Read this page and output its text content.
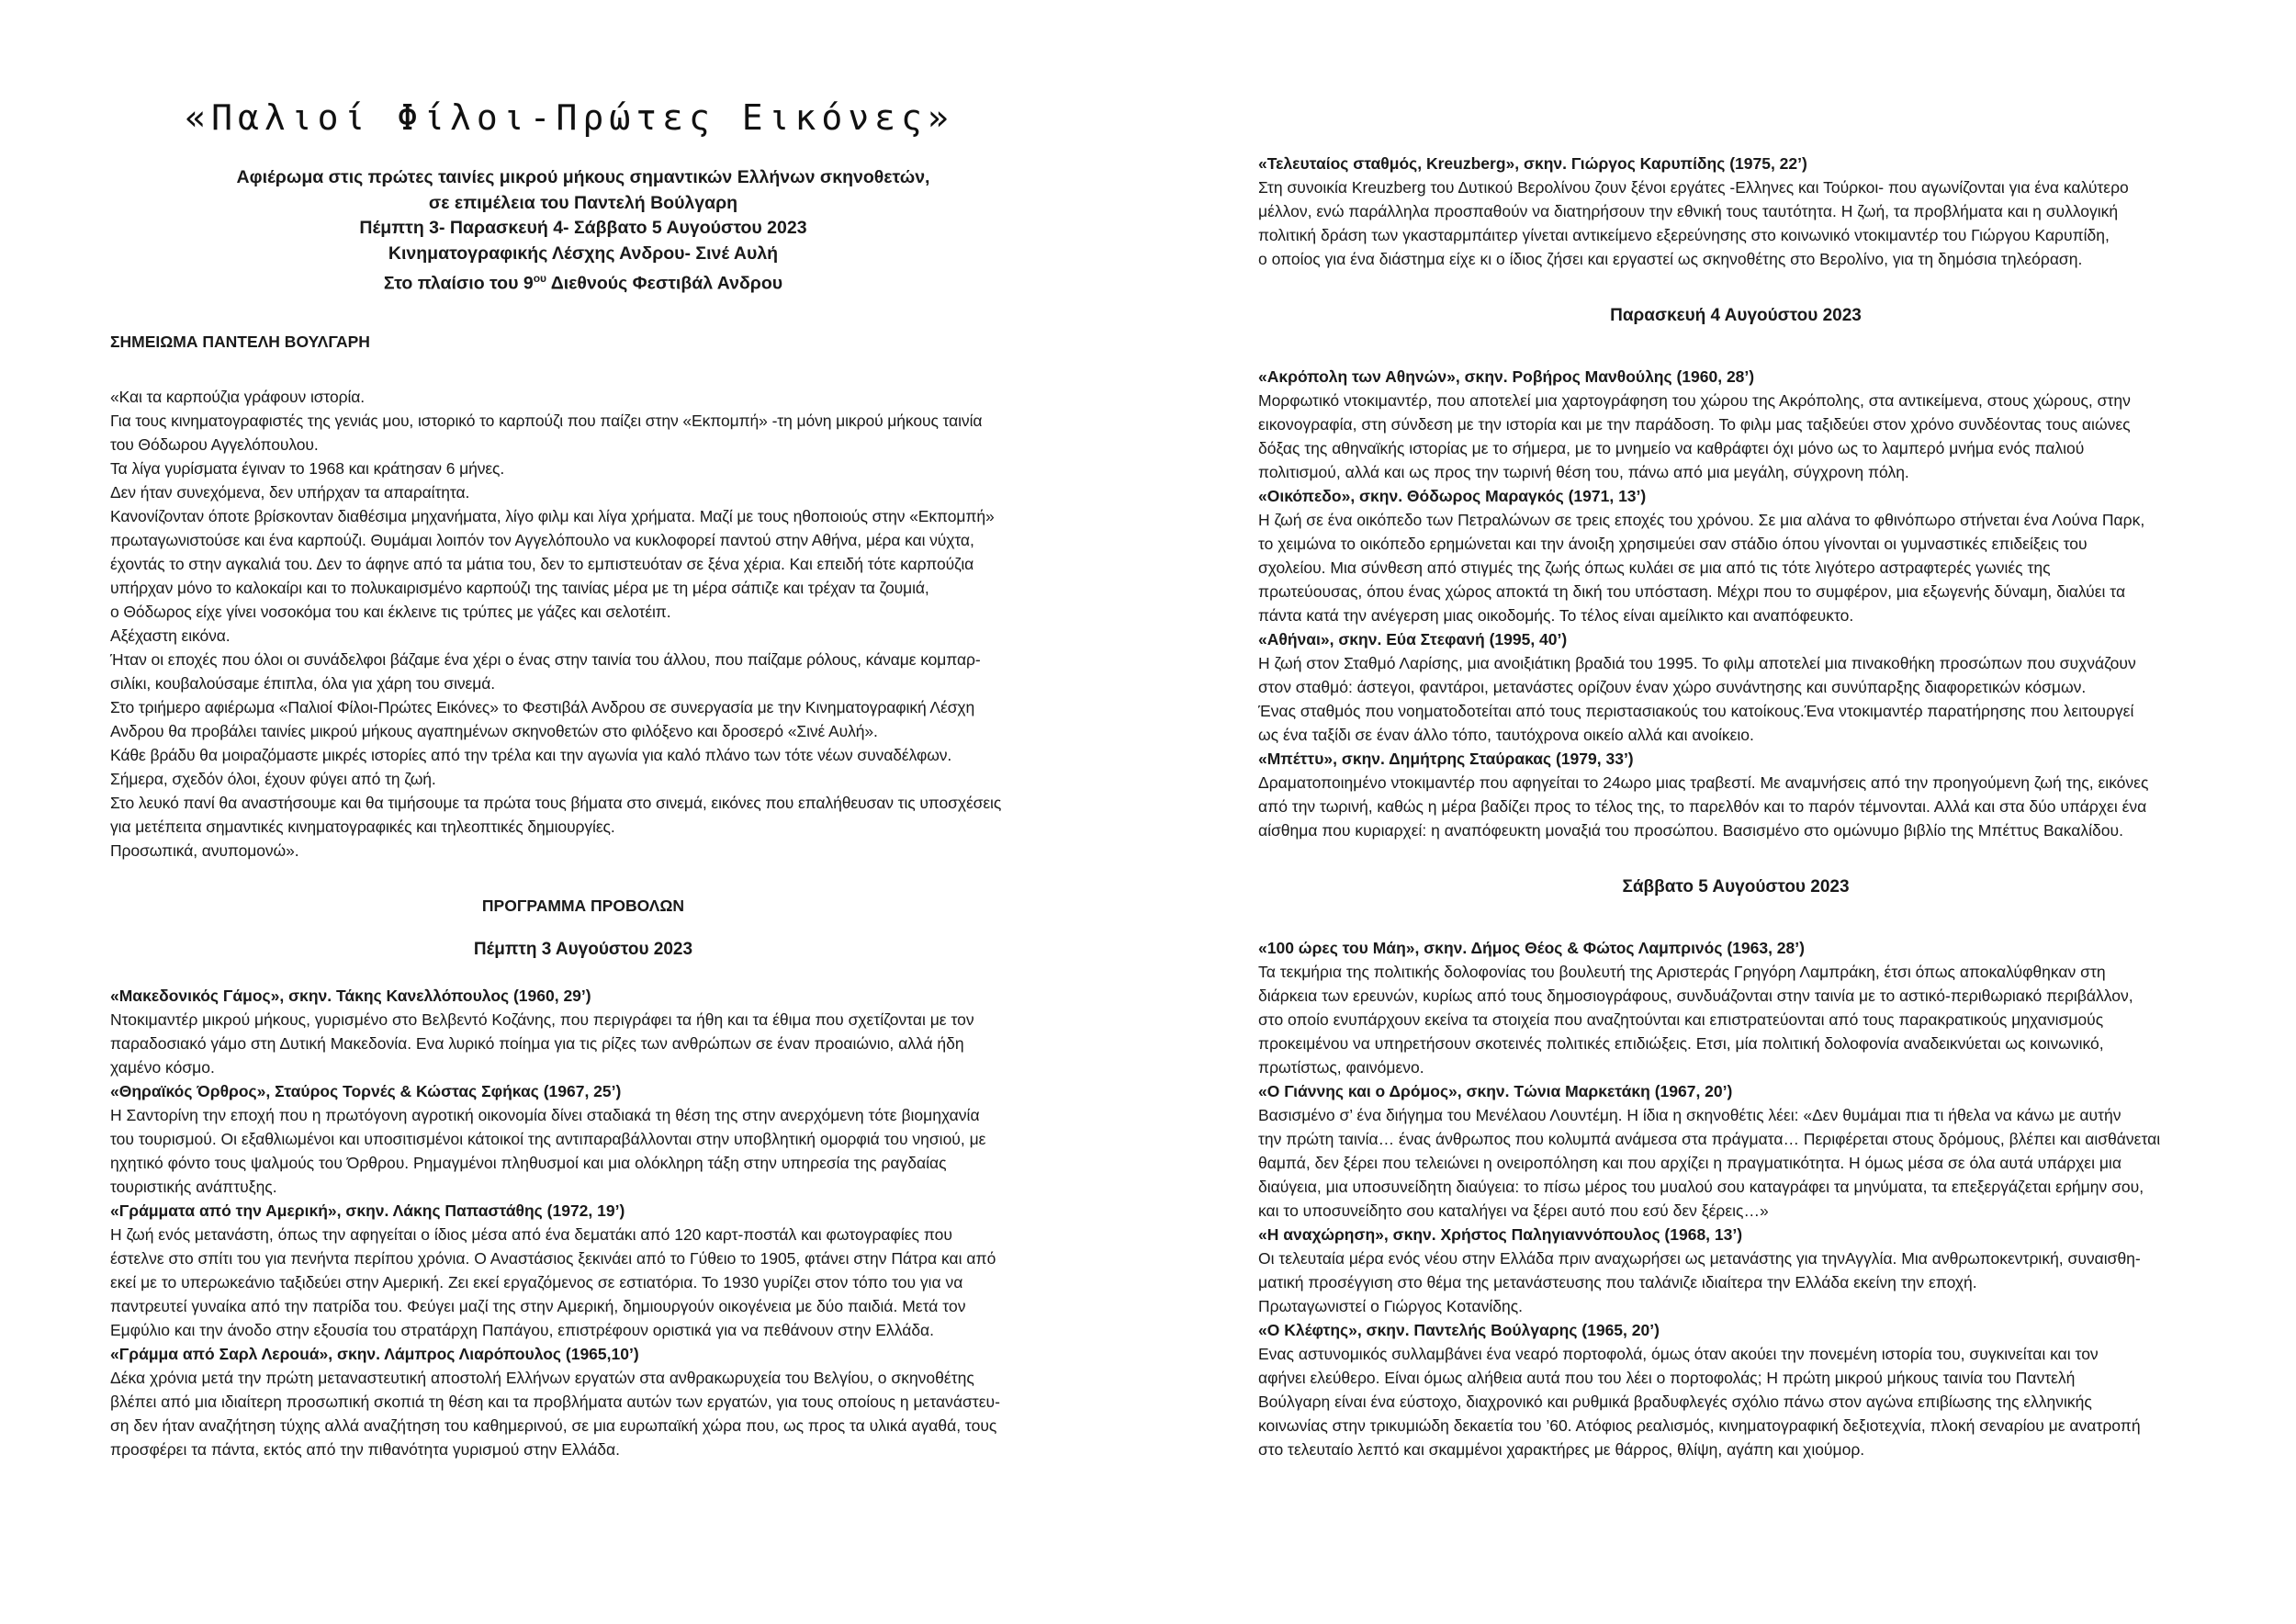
«Παλιοί Φίλοι-Πρώτες Εικόνες»
Αφιέρωμα στις πρώτες ταινίες μικρού μήκους σημαντικών Ελλήνων σκηνοθετών,
σε επιμέλεια του Παντελή Βούλγαρη
Πέμπτη 3- Παρασκευή 4- Σάββατο 5 Αυγούστου 2023
Κινηματογραφικής Λέσχης Ανδρου- Σινέ Αυλή
Στο πλαίσιο του $9^{o\upsilon}$ Διεθνούς Φεστιβάλ Ανδρου
ΣΗΜΕΙΩΜΑ ΠΑΝΤΕΛΗ ΒΟΥΛΓΑΡΗ
«Και τα καρπούζια γράφουν ιστορία.
Για τους κινηματογραφιστές της γενιάς μου, ιστορικό το καρπούζι που παίζει στην «Εκπομπή» -τη μόνη μικρού μήκους ταινία
του Θόδωρου Αγγελόπουλου.
Τα λίγα γυρίσματα έγιναν το 1968 και κράτησαν 6 μήνες.
Δεν ήταν συνεχόμενα, δεν υπήρχαν τα απαραίτητα.
Κανονίζονταν όποτε βρίσκονταν διαθέσιμα μηχανήματα, λίγο φιλμ και λίγα χρήματα. Μαζί με τους ηθοποιούς στην «Εκπομπή»
πρωταγωνιστούσε και ένα καρπούζι. Θυμάμαι λοιπόν τον Αγγελόπουλο να κυκλοφορεί παντού στην Αθήνα, μέρα και νύχτα,
έχοντάς το στην αγκαλιά του. Δεν το άφηνε από τα μάτια του, δεν το εμπιστευόταν σε ξένα χέρια. Και επειδή τότε καρπούζια
υπήρχαν μόνο το καλοκαίρι και το πολυκαιρισμένο καρπούζι της ταινίας μέρα με τη μέρα σάπιζε και τρέχαν τα ζουμιά,
ο Θόδωρος είχε γίνει νοσοκόμα του και έκλεινε τις τρύπες με γάζες και σελοτέιπ.
Αξέχαστη εικόνα.
Ήταν οι εποχές που όλοι οι συνάδελφοι βάζαμε ένα χέρι ο ένας στην ταινία του άλλου, που παίζαμε ρόλους, κάναμε κομπαρ-
σιλίκι, κουβαλούσαμε έπιπλα, όλα για χάρη του σινεμά.
Στο τριήμερο αφιέρωμα «Παλιοί Φίλοι-Πρώτες Εικόνες» το Φεστιβάλ Ανδρου σε συνεργασία με την Κινηματογραφική Λέσχη
Ανδρου θα προβάλει ταινίες μικρού μήκους αγαπημένων σκηνοθετών στο φιλόξενο και δροσερό «Σινέ Αυλή».
Κάθε βράδυ θα μοιραζόμαστε μικρές ιστορίες από την τρέλα και την αγωνία για καλό πλάνο των τότε νέων συναδέλφων.
Σήμερα, σχεδόν όλοι, έχουν φύγει από τη ζωή.
Στο λευκό πανί θα αναστήσουμε και θα τιμήσουμε τα πρώτα τους βήματα στο σινεμά, εικόνες που επαλήθευσαν τις υποσχέσεις
για μετέπειτα σημαντικές κινηματογραφικές και τηλεοπτικές δημιουργίες.
Προσωπικά, ανυπομονώ».
ΠΡΟΓΡΑΜΜΑ ΠΡΟΒΟΛΩΝ
Πέμπτη 3 Αυγούστου 2023
«Μακεδονικός Γάμος», σκην. Τάκης Κανελλόπουλος (1960, 29’)
Ντοκιμαντέρ μικρού μήκους, γυρισμένο στο Βελβεντό Κοζάνης, που περιγράφει τα ήθη και τα έθιμα που σχετίζονται με τον
παραδοσιακό γάμο στη Δυτική Μακεδονία. Ενα λυρικό ποίημα για τις ρίζες των ανθρώπων σε έναν προαιώνιο, αλλά ήδη
χαμένο κόσμο.
«Θηραϊκός Όρθρος», Σταύρος Τορνές & Κώστας Σφήκας (1967, 25’)
Η Σαντορίνη την εποχή που η πρωτόγονη αγροτική οικονομία δίνει σταδιακά τη θέση της στην ανερχόμενη τότε βιομηχανία
του τουρισμού. Οι εξαθλιωμένοι και υποσιτισμένοι κάτοικοί της αντιπαραβάλλονται στην υποβλητική ομορφιά του νησιού, με
ηχητικό φόντο τους ψαλμούς του Όρθρου. Ρημαγμένοι πληθυσμοί και μια ολόκληρη τάξη στην υπηρεσία της ραγδαίας
τουριστικής ανάπτυξης.
«Γράμματα από την Αμερική», σκην. Λάκης Παπαστάθης (1972, 19’)
Η ζωή ενός μετανάστη, όπως την αφηγείται ο ίδιος μέσα από ένα δεματάκι από 120 καρτ-ποστάλ και φωτογραφίες που
έστελνε στο σπίτι του για πενήντα περίπου χρόνια. Ο Αναστάσιος ξεκινάει από το Γύθειο το 1905, φτάνει στην Πάτρα και από
εκεί με το υπερωκεάνιο ταξιδεύει στην Αμερική. Ζει εκεί εργαζόμενος σε εστιατόρια. Το 1930 γυρίζει στον τόπο του για να
παντρευτεί γυναίκα από την πατρίδα του. Φεύγει μαζί της στην Αμερική, δημιουργούν οικογένεια με δύο παιδιά. Μετά τον
Εμφύλιο και την άνοδο στην εξουσία του στρατάρχη Παπάγου, επιστρέφουν οριστικά για να πεθάνουν στην Ελλάδα.
«Γράμμα από Σαρλ Λεροuά», σκην. Λάμπρος Λιαρόπουλος (1965,10’)
Δέκα χρόνια μετά την πρώτη μεταναστευτική αποστολή Ελλήνων εργατών στα ανθρακωρυχεία του Βελγίου, ο σκηνοθέτης
βλέπει από μια ιδιαίτερη προσωπική σκοπιά τη θέση και τα προβλήματα αυτών των εργατών, για τους οποίους η μετανάστευ-
ση δεν ήταν αναζήτηση τύχης αλλά αναζήτηση του καθημερινού, σε μια ευρωπαϊκή χώρα που, ως προς τα υλικά αγαθά, τους
προσφέρει τα πάντα, εκτός από την πιθανότητα γυρισμού στην Ελλάδα.
«Τελευταίος σταθμός, Kreuzberg», σκην. Γιώργος Καρυπίδης (1975, 22’)
Στη συνοικία Kreuzberg του Δυτικού Βερολίνου ζουν ξένοι εργάτες -Ελληνες και Τούρκοι- που αγωνίζονται για ένα καλύτερο
μέλλον, ενώ παράλληλα προσπαθούν να διατηρήσουν την εθνική τους ταυτότητα. Η ζωή, τα προβλήματα και η συλλογική
πολιτική δράση των γκασταρμπάιτερ γίνεται αντικείμενο εξερεύνησης στο κοινωνικό ντοκιμαντέρ του Γιώργου Καρυπίδη,
ο οποίος για ένα διάστημα είχε κι ο ίδιος ζήσει και εργαστεί ως σκηνοθέτης στο Βερολίνο, για τη δημόσια τηλεόραση.
Παρασκευή 4 Αυγούστου 2023
«Ακρόπολη των Αθηνών», σκην. Ροβήρος Μανθούλης (1960, 28’)
Μορφωτικό ντοκιμαντέρ, που αποτελεί μια χαρτογράφηση του χώρου της Ακρόπολης, στα αντικείμενα, στους χώρους, στην
εικονογραφία, στη σύνδεση με την ιστορία και με την παράδοση. Το φιλμ μας ταξιδεύει στον χρόνο συνδέοντας τους αιώνες
δόξας της αθηναϊκής ιστορίας με το σήμερα, με το μνημείο να καθράφτει όχι μόνο ως το λαμπερό μνήμα ενός παλιού
πολιτισμού, αλλά και ως προς την τωρινή θέση του, πάνω από μια μεγάλη, σύγχρονη πόλη.
«Οικόπεδο», σκην. Θόδωρος Μαραγκός (1971, 13’)
Η ζωή σε ένα οικόπεδο των Πετραλώνων σε τρεις εποχές του χρόνου. Σε μια αλάνα το φθινόπωρο στήνεται ένα Λούνα Παρκ,
το χειμώνα το οικόπεδο ερημώνεται και την άνοιξη χρησιμεύει σαν στάδιο όπου γίνονται οι γυμναστικές επιδείξεις του
σχολείου. Μια σύνθεση από στιγμές της ζωής όπως κυλάει σε μια από τις τότε λιγότερο αστραφτερές γωνιές της
πρωτεύουσας, όπου ένας χώρος αποκτά τη δική του υπόσταση. Μέχρι που το συμφέρον, μια εξωγενής δύναμη, διαλύει τα
πάντα κατά την ανέγερση μιας οικοδομής. Το τέλος είναι αμείλικτο και αναπόφευκτο.
«Αθήναι», σκην. Εύα Στεφανή (1995, 40’)
Η ζωή στον Σταθμό Λαρίσης, μια ανοιξιάτικη βραδιά του 1995. Το φιλμ αποτελεί μια πινακοθήκη προσώπων που συχνάζουν
στον σταθμό: άστεγοι, φαντάροι, μετανάστες ορίζουν έναν χώρο συνάντησης και συνύπαρξης διαφορετικών κόσμων.
Ένας σταθμός που νοηματοδοτείται από τους περιστασιακούς του κατοίκους.Ένα ντοκιμαντέρ παρατήρησης που λειτουργεί
ως ένα ταξίδι σε έναν άλλο τόπο, ταυτόχρονα οικείο αλλά και ανοίκειο.
«Μπέττυ», σκην. Δημήτρης Σταύρακας (1979, 33’)
Δραματοποιημένο ντοκιμαντέρ που αφηγείται το 24ωρο μιας τραβεστί. Με αναμνήσεις από την προηγούμενη ζωή της, εικόνες
από την τωρινή, καθώς η μέρα βαδίζει προς το τέλος της, το παρελθόν και το παρόν τέμνονται. Αλλά και στα δύο υπάρχει ένα
αίσθημα που κυριαρχεί: η αναπόφευκτη μοναξιά του προσώπου. Βασισμένο στο ομώνυμο βιβλίο της Μπέττυς Βακαλίδου.
Σάββατο 5 Αυγούστου 2023
«100 ώρες του Μάη», σκην. Δήμος Θέος & Φώτος Λαμπρινός (1963, 28’)
Τα τεκμήρια της πολιτικής δολοφονίας του βουλευτή της Αριστεράς Γρηγόρη Λαμπράκη, έτσι όπως αποκαλύφθηκαν στη
διάρκεια των ερευνών, κυρίως από τους δημοσιογράφους, συνδυάζονται στην ταινία με το αστικό-περιθωριακό περιβάλλον,
στο οποίο ενυπάρχουν εκείνα τα στοιχεία που αναζητούνται και επιστρατεύονται από τους παρακρατικούς μηχανισμούς
προκειμένου να υπηρετήσουν σκοτεινές πολιτικές επιδιώξεις. Ετσι, μία πολιτική δολοφονία αναδεικνύεται ως κοινωνικό,
πρωτίστως, φαινόμενο.
«Ο Γιάννης και ο Δρόμος», σκην. Τώνια Μαρκετάκη (1967, 20’)
Βασισμένο σ’ ένα διήγημα του Μενέλαου Λουντέμη. Η ίδια η σκηνοθέτις λέει: «Δεν θυμάμαι πια τι ήθελα να κάνω με αυτήν
την πρώτη ταινία… ένας άνθρωπος που κολυμπά ανάμεσα στα πράγματα… Περιφέρεται στους δρόμους, βλέπει και αισθάνεται
θαμπά, δεν ξέρει που τελειώνει η ονειροπόληση και που αρχίζει η πραγματικότητα. Η όμως μέσα σε όλα αυτά υπάρχει μια
διαύγεια, μια υποσυνείδητη διαύγεια: το πίσω μέρος του μυαλού σου καταγράφει τα μηνύματα, τα επεξεργάζεται ερήμην σου,
και το υποσυνείδητο σου καταλήγει να ξέρει αυτό που εσύ δεν ξέρεις…»
«Η αναχώρηση», σκην. Χρήστος Παληγιαννόπουλος (1968, 13’)
Οι τελευταία μέρα ενός νέου στην Ελλάδα πριν αναχωρήσει ως μετανάστης για τηνΑγγλία. Μια ανθρωποκεντρική, συναισθη-
ματική προσέγγιση στο θέμα της μετανάστευσης που ταλάνιζε ιδιαίτερα την Ελλάδα εκείνη την εποχή.
Πρωταγωνιστεί ο Γιώργος Κοτανίδης.
«Ο Κλέφτης», σκην. Παντελής Βούλγαρης (1965, 20’)
Ενας αστυνομικός συλλαμβάνει ένα νεαρό πορτοφολά, όμως όταν ακούει την πονεμένη ιστορία του, συγκινείται και τον
αφήνει ελεύθερο. Είναι όμως αλήθεια αυτά που του λέει ο πορτοφολάς; Η πρώτη μικρού μήκους ταινία του Παντελή
Βούλγαρη είναι ένα εύστοχο, διαχρονικό και ρυθμικά βραδυφλεγές σχόλιο πάνω στον αγώνα επιβίωσης της ελληνικής
κοινωνίας στην τρικυμιώδη δεκαετία του ’60. Ατόφιος ρεαλισμός, κινηματογραφική δεξιοτεχνία, πλοκή σεναρίου με ανατροπή
στο τελευταίο λεπτό και σκαμμένοι χαρακτήρες με θάρρος, θλίψη, αγάπη και χιούμορ.
